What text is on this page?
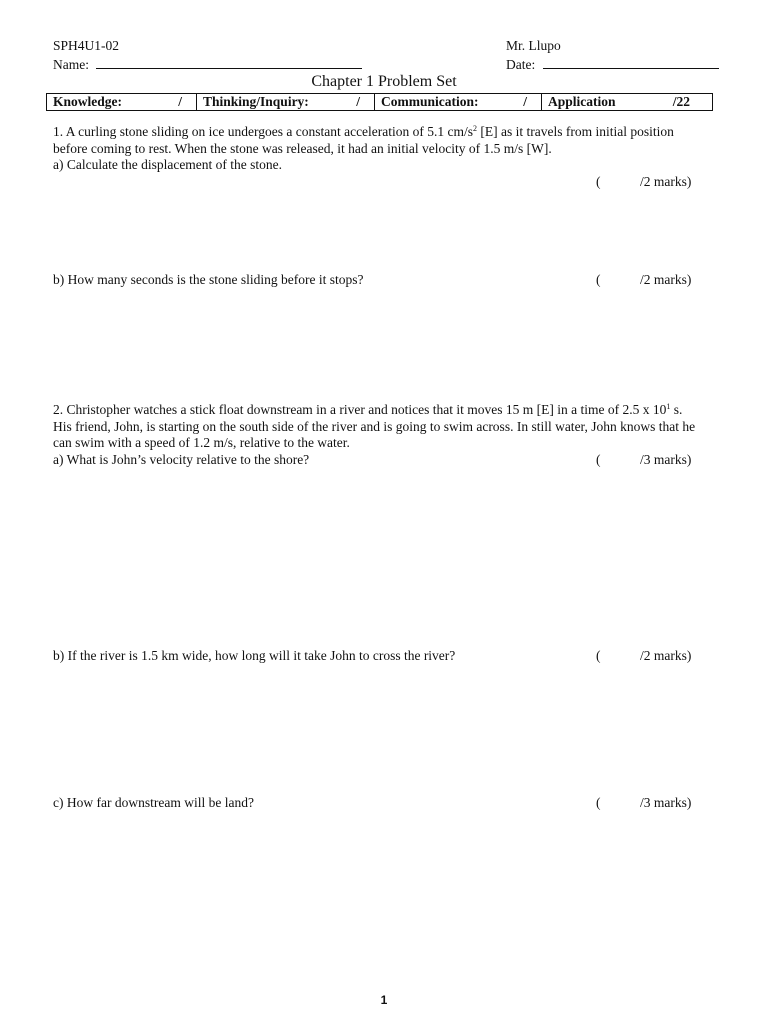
SPH4U1-02
Name:
Mr. Llupo
Date:
Chapter 1 Problem Set
Knowledge:	/	Thinking/Inquiry:	/	Communication:	/	Application	/22
1. A curling stone sliding on ice undergoes a constant acceleration of 5.1 $cm/s^2$ [E] as it travels from initial position before coming to rest. When the stone was released, it had an initial velocity of 1.5 m/s [W].
a) Calculate the displacement of the stone.
(	/2 marks)
b) How many seconds is the stone sliding before it stops?	(	/2 marks)
2. Christopher watches a stick float downstream in a river and notices that it moves 15 m [E] in a time of 2.5 x $10^1$ s. His friend, John, is starting on the south side of the river and is going to swim across. In still water, John knows that he can swim with a speed of 1.2 m/s, relative to the water.
a) What is John’s velocity relative to the shore?	(	/3 marks)
b) If the river is 1.5 km wide, how long will it take John to cross the river?	(	/2 marks)
c) How far downstream will be land?	(	/3 marks)
1
